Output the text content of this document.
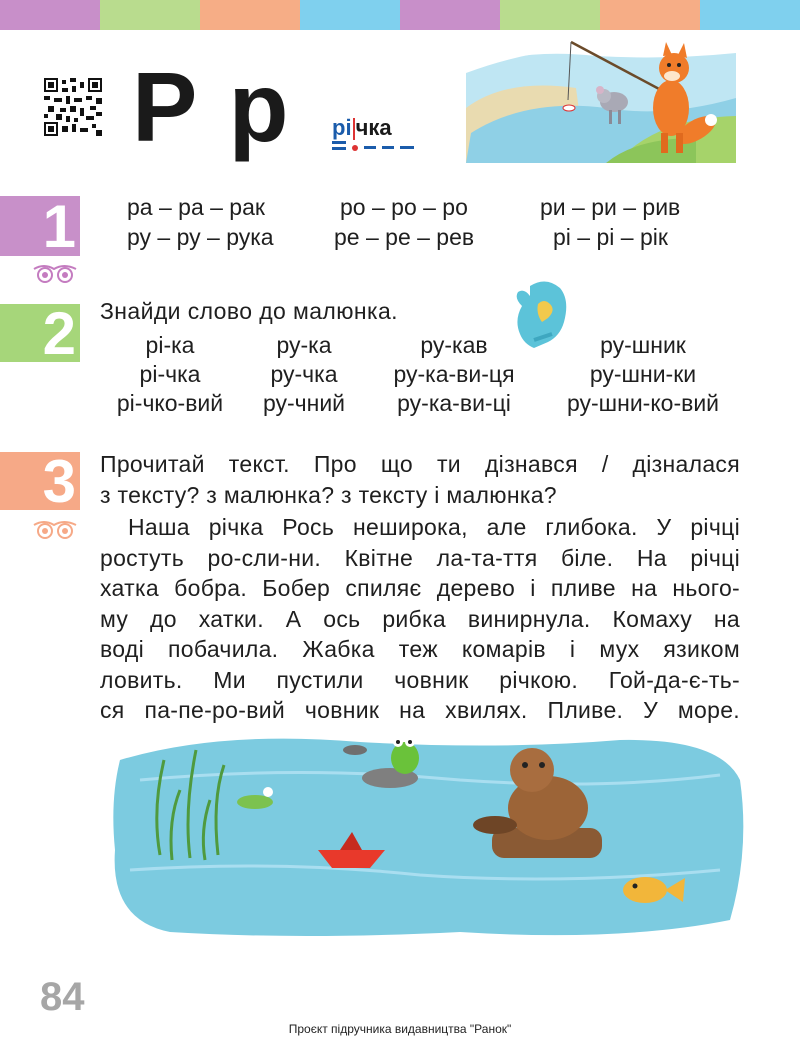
Р р рі чка
1 ра – ра – рак	ро – ро – ро	ри – ри – рив
ру – ру – рука	ре – ре – рев	рі – рі – рік
2 Знайди слово до малюнка.
рі-ка	ру-ка	ру-кав	ру-шник
рі-чка	ру-чка ру-ка-ви-ця	ру-шни-ки
рі-чко-вий ру-чний ру-ка-ви-ці ру-шни-ко-вий
3 Прочитай текст. Про що ти дізнався / дізналася
з тексту? з малюнка? з тексту і малюнка?
Наша річка Рось неширока, але глибока. У річці
ростуть ро-сли-ни. Квітне ла-та-ття біле. На річці
хатка бобра. Бобер спиляє дерево і пливе на нього-
му до хатки. А ось рибка винирнула. Комаху на
воді побачила. Жабка теж комарів і мух язиком
ловить. Ми пустили човник річкою. Гой-да-є-ть-
ся па-пе-ро-вий човник на хвилях. Пливе. У море.
84
Проєкт підручника видавництва "Ранок"
